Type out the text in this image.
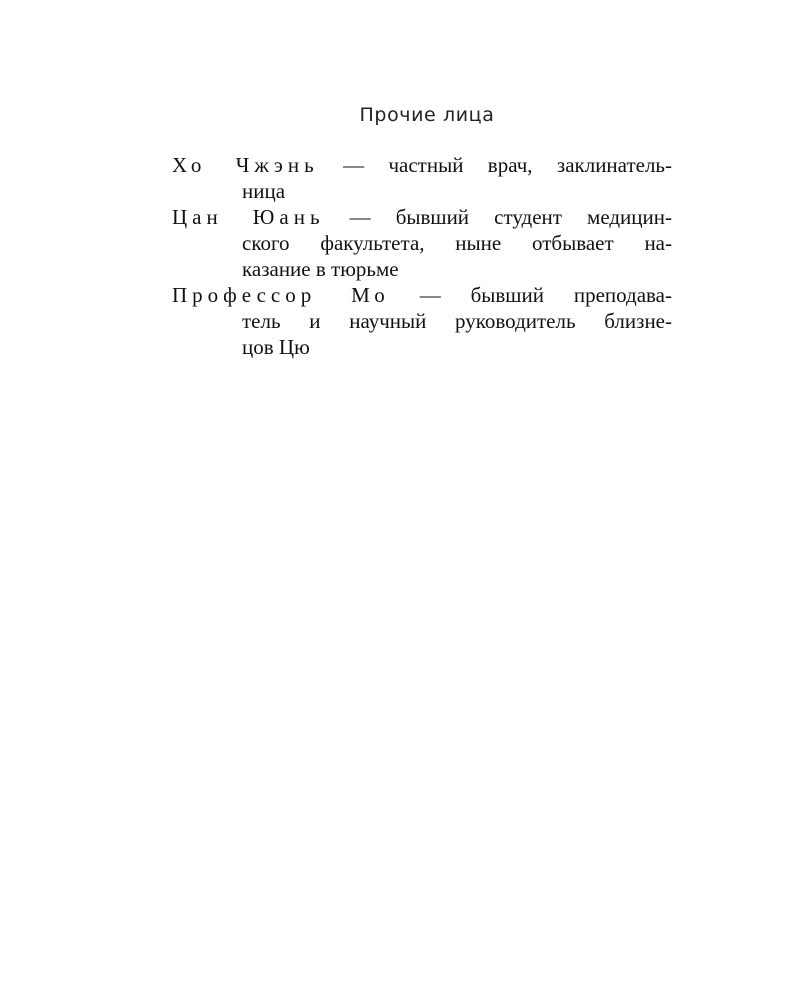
Прочие лица
Хо Чжэнь — частный врач, заклинатель-
ница
Цан Юань — бывший студент медицин-
ского факультета, ныне отбывает на-
казание в тюрьме
Профессор Мо — бывший преподава-
тель и научный руководитель близне-
цов Цю
